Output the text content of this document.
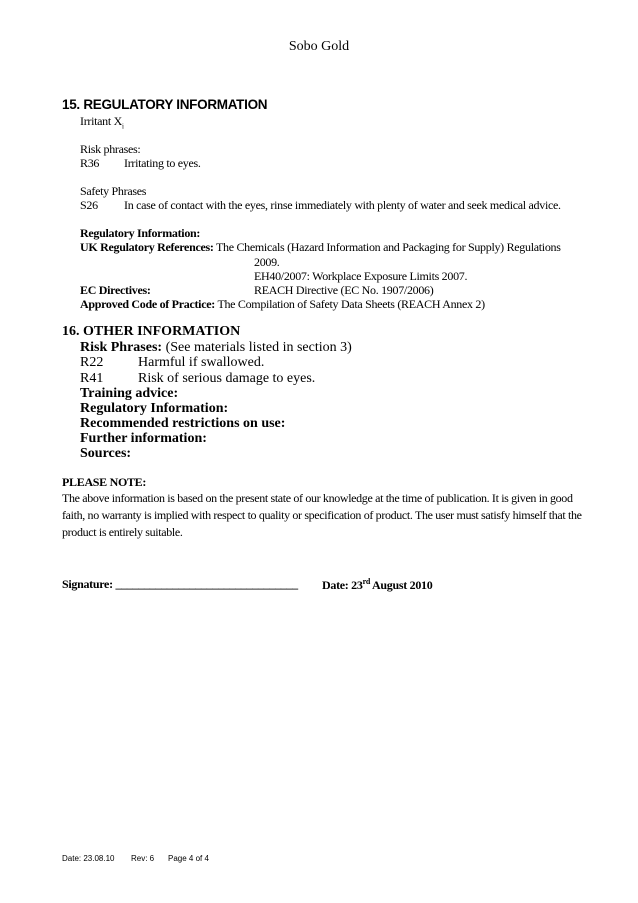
Sobo Gold
15. REGULATORY INFORMATION
Irritant $X_i$
Risk phrases:
R36 Irritating to eyes.
Safety Phrases
S26 In case of contact with the eyes, rinse immediately with plenty of water and seek medical advice.
Regulatory Information:
UK Regulatory References: The Chemicals (Hazard Information and Packaging for Supply) Regulations
2009.
EH40/2007: Workplace Exposure Limits 2007.
EC Directives:	REACH Directive (EC No. 1907/2006)
Approved Code of Practice: The Compilation of Safety Data Sheets (REACH Annex 2)
16. OTHER INFORMATION
Risk Phrases: (See materials listed in section 3)
R22 Harmful if swallowed.
R41 Risk of serious damage to eyes.
Training advice:
Regulatory Information:
Recommended restrictions on use:
Further information:
Sources:
PLEASE NOTE:
The above information is based on the present state of our knowledge at the time of publication. It is given in good faith, no warranty is implied with respect to quality or specification of product. The user must satisfy himself that the product is entirely suitable.
Signature: ________________________________ Date: 23rd August 2010
Date: 23.08.10 Rev: 6 Page 4 of 4
